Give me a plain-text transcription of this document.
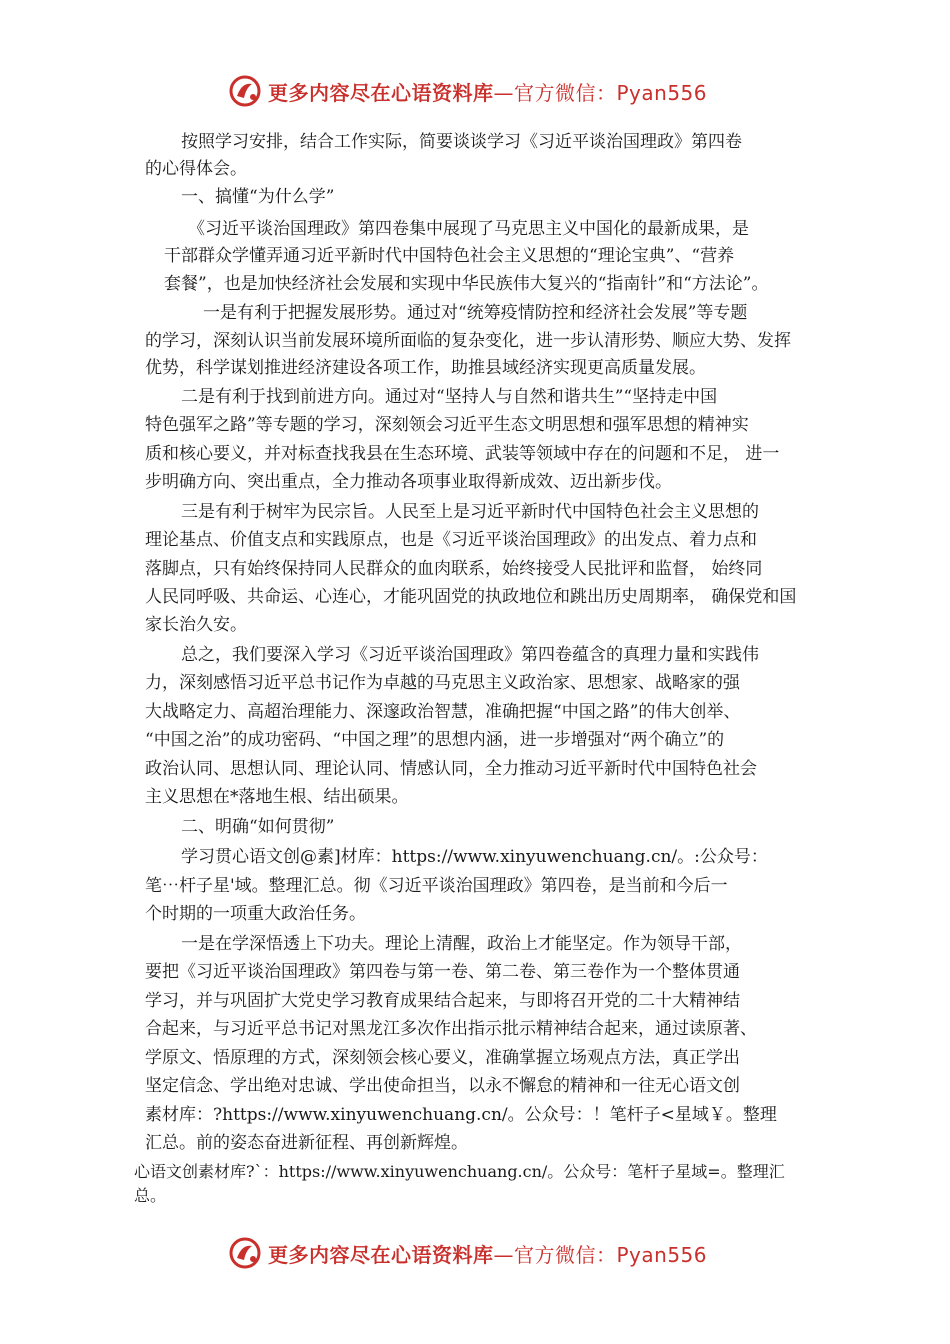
更多内容尽在心语资料库—官方微信：Pyan556
按照学习安排，结合工作实际，简要谈谈学习《习近平谈治国理政》第四卷
的心得体会。
一、搞懂“为什么学”
《习近平谈治国理政》第四卷集中展现了马克思主义中国化的最新成果，是
干部群众学懂弄通习近平新时代中国特色社会主义思想的“理论宝典”、“营养
套餐”，也是加快经济社会发展和实现中华民族伟大复兴的“指南针”和“方法论”。
一是有利于把握发展形势。通过对“统筹疫情防控和经济社会发展”等专题
的学习，深刻认识当前发展环境所面临的复杂变化，进一步认清形势、顺应大势、发挥
优势，科学谋划推进经济建设各项工作，助推县域经济实现更高质量发展。
二是有利于找到前进方向。通过对“坚持人与自然和谐共生”“坚持走中国
特色强军之路”等专题的学习，深刻领会习近平生态文明思想和强军思想的精神实
质和核心要义，并对标查找我县在生态环境、武装等领域中存在的问题和不足， 进一
步明确方向、突出重点，全力推动各项事业取得新成效、迈出新步伐。
三是有利于树牢为民宗旨。人民至上是习近平新时代中国特色社会主义思想的
理论基点、价值支点和实践原点，也是《习近平谈治国理政》的出发点、着力点和
落脚点，只有始终保持同人民群众的血肉联系，始终接受人民批评和监督， 始终同
人民同呼吸、共命运、心连心，才能巩固党的执政地位和跳出历史周期率， 确保党和国
家长治久安。
总之，我们要深入学习《习近平谈治国理政》第四卷蕴含的真理力量和实践伟
力，深刻感悟习近平总书记作为卓越的马克思主义政治家、思想家、战略家的强
大战略定力、高超治理能力、深邃政治智慧，准确把握“中国之路”的伟大创举、
“中国之治”的成功密码、“中国之理”的思想内涵，进一步增强对“两个确立”的
政治认同、思想认同、理论认同、情感认同，全力推动习近平新时代中国特色社会
主义思想在*落地生根、结出硕果。
二、明确“如何贯彻”
学习贯心语文创@素]材库：https://www.xinyuwenchuang.cn/。:公众号：
笔⋯杆子星'域。整理汇总。彻《习近平谈治国理政》第四卷，是当前和今后一
个时期的一项重大政治任务。
一是在学深悟透上下功夫。理论上清醒，政治上才能坚定。作为领导干部，
要把《习近平谈治国理政》第四卷与第一卷、第二卷、第三卷作为一个整体贯通
学习，并与巩固扩大党史学习教育成果结合起来，与即将召开党的二十大精神结
合起来，与习近平总书记对黑龙江多次作出指示批示精神结合起来，通过读原著、
学原文、悟原理的方式，深刻领会核心要义，准确掌握立场观点方法，真正学出
坚定信念、学出绝对忠诚、学出使命担当，以永不懈怠的精神和一往无心语文创
素材库：?https://www.xinyuwenchuang.cn/。公众号：！笔杆子<星域￥。整理
汇总。前的姿态奋进新征程、再创新辉煌。
心语文创素材库?`：https://www.xinyuwenchuang.cn/。公众号：笔杆子星域=。整理汇
总。
更多内容尽在心语资料库—官方微信：Pyan556
